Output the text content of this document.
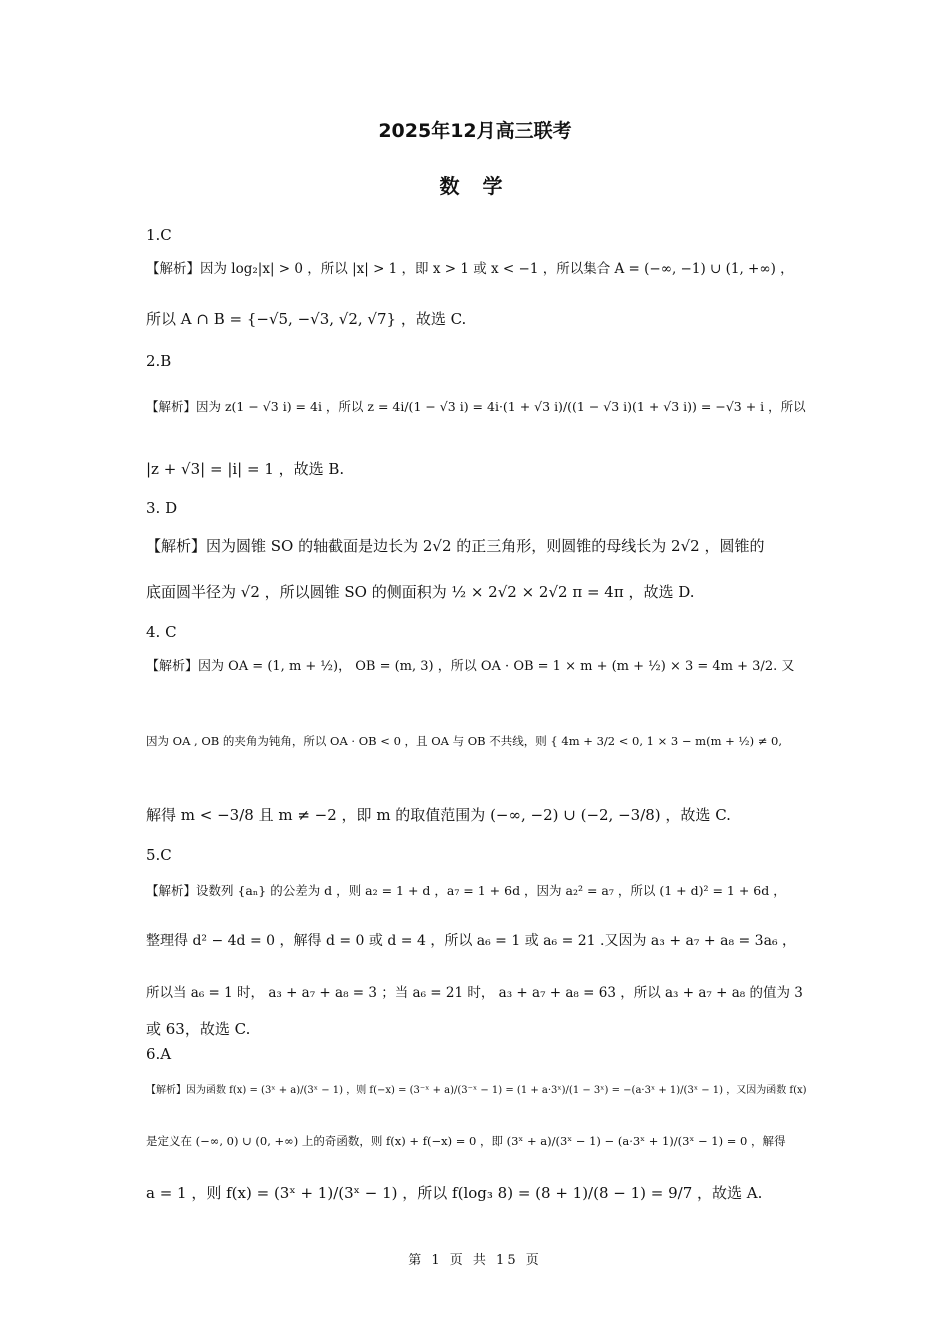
2025年12月高三联考
数 学
1.C
【解析】因为 log₂|x| > 0 ，所以 |x| > 1 ，即 x > 1 或 x < −1 ，所以集合 A = (−∞, −1) ∪ (1, +∞) ，
所以 A ∩ B = {−√5, −√3, √2, √7} ，故选 C.
2.B
【解析】因为 z(1 − √3 i) = 4i ，所以 z = 4i/(1 − √3 i) = 4i·(1 + √3 i)/((1 − √3 i)(1 + √3 i)) = −√3 + i ，所以
|z + √3| = |i| = 1 ，故选 B.
3. D
【解析】因为圆锥 SO 的轴截面是边长为 2√2 的正三角形，则圆锥的母线长为 2√2 ，圆锥的
底面圆半径为 √2 ，所以圆锥 SO 的侧面积为 ½ × 2√2 × 2√2 π = 4π ，故选 D.
4. C
【解析】因为 OA = (1, m + ½)， OB = (m, 3) ，所以 OA · OB = 1 × m + (m + ½) × 3 = 4m + 3/2. 又
因为 OA , OB 的夹角为钝角，所以 OA · OB < 0 ，且 OA 与 OB 不共线，则 { 4m + 3/2 < 0, 1 × 3 − m(m + ½) ≠ 0,
解得 m < −3/8 且 m ≠ −2 ，即 m 的取值范围为 (−∞, −2) ∪ (−2, −3/8) ，故选 C.
5.C
【解析】设数列 {aₙ} 的公差为 d ，则 a₂ = 1 + d ，a₇ = 1 + 6d ，因为 a₂² = a₇ ，所以 (1 + d)² = 1 + 6d ，
整理得 d² − 4d = 0 ，解得 d = 0 或 d = 4 ，所以 a₆ = 1 或 a₆ = 21 .又因为 a₃ + a₇ + a₈ = 3a₆ ，
所以当 a₆ = 1 时， a₃ + a₇ + a₈ = 3 ；当 a₆ = 21 时， a₃ + a₇ + a₈ = 63 ，所以 a₃ + a₇ + a₈ 的值为 3
或 63，故选 C.
6.A
【解析】因为函数 f(x) = (3ˣ + a)/(3ˣ − 1) ，则 f(−x) = (3⁻ˣ + a)/(3⁻ˣ − 1) = (1 + a·3ˣ)/(1 − 3ˣ) = −(a·3ˣ + 1)/(3ˣ − 1) ，又因为函数 f(x)
是定义在 (−∞, 0) ∪ (0, +∞) 上的奇函数，则 f(x) + f(−x) = 0 ，即 (3ˣ + a)/(3ˣ − 1) − (a·3ˣ + 1)/(3ˣ − 1) = 0 ，解得
a = 1 ，则 f(x) = (3ˣ + 1)/(3ˣ − 1) ，所以 f(log₃ 8) = (8 + 1)/(8 − 1) = 9/7 ，故选 A.
第 1 页 共 15 页
